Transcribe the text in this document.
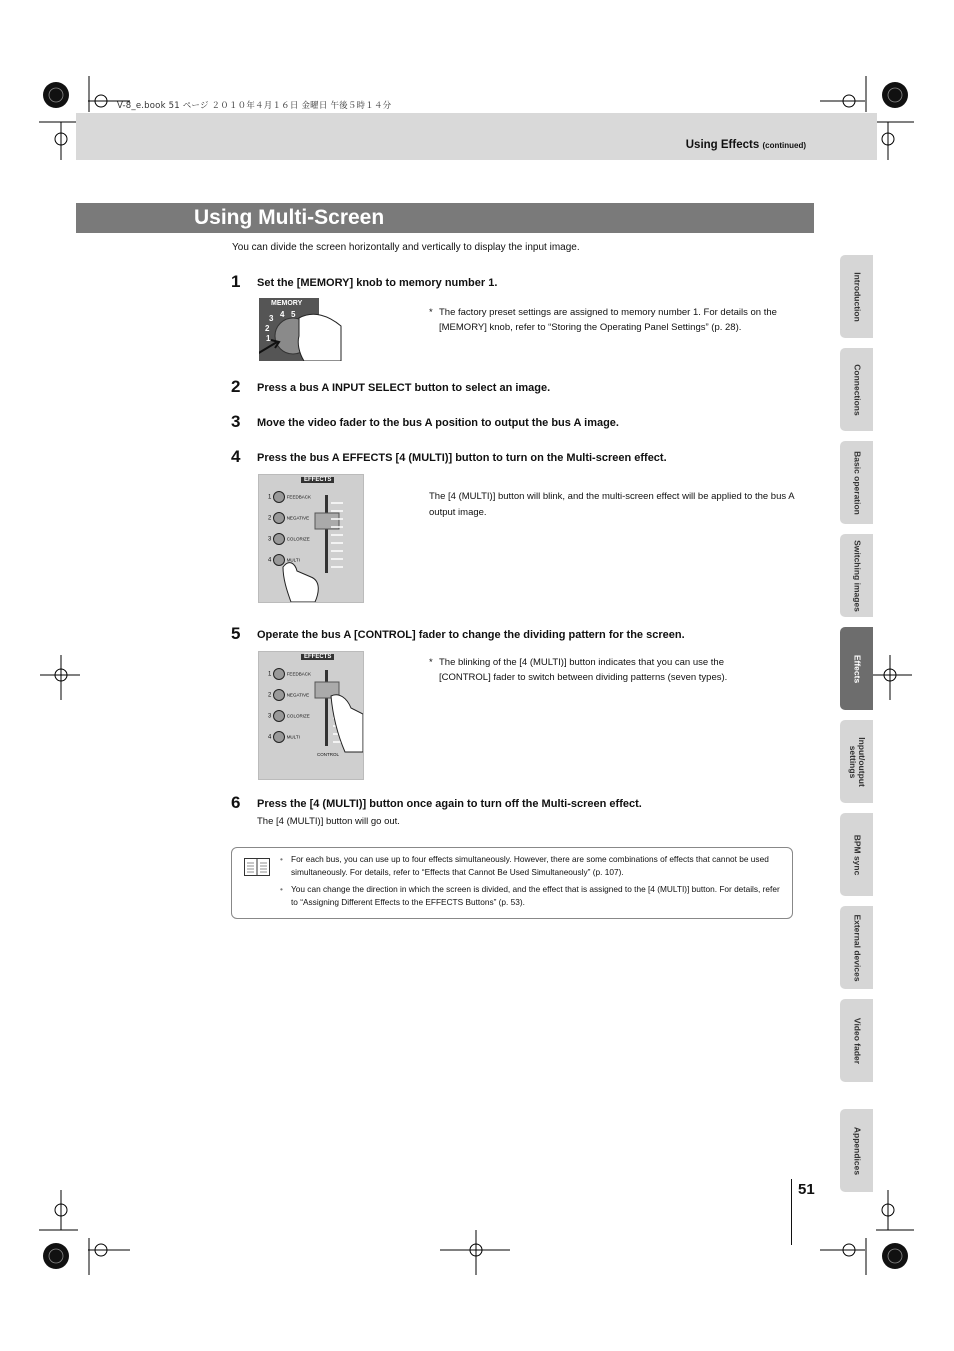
V-8_e.book 51 ページ ２０１０年４月１６日 金曜日 午後５時１４分
Using Effects (continued)
Using Multi-Screen
You can divide the screen horizontally and vertically to display the input image.
1 Set the [MEMORY] knob to memory number 1.
MEMORY
1
2
3 4 5	* The factory preset settings are assigned to memory number 1. For details on the [MEMORY] knob, refer to “Storing the Operating Panel Settings” (p. 28).
2 Press a bus A INPUT SELECT button to select an image.
3 Move the video fader to the bus A position to output the bus A image.
4 Press the bus A EFFECTS [4 (MULTI)] button to turn on the Multi-screen effect.
EFFECTS
1	FEEDBACK
2	NEGATIVE
3	COLORIZE
4	MULTI
The [4 (MULTI)] button will blink, and the multi-screen effect will be applied to the bus A output image.
5 Operate the bus A [CONTROL] fader to change the dividing pattern for the screen.
EFFECTS
1	FEEDBACK
2	NEGATIVE
3	COLORIZE
4	MULTI
CONTROL
* The blinking of the [4 (MULTI)] button indicates that you can use the [CONTROL] fader to switch between dividing patterns (seven types).
6 Press the [4 (MULTI)] button once again to turn off the Multi-screen effect.
The [4 (MULTI)] button will go out.
• For each bus, you can use up to four effects simultaneously. However, there are some combinations of effects that cannot be used simultaneously. For details, refer to “Effects that Cannot Be Used Simultaneously” (p. 107).
• You can change the direction in which the screen is divided, and the effect that is assigned to the [4 (MULTI)] button. For details, refer to “Assigning Different Effects to the EFFECTS Buttons” (p. 53).
Introduction
Connections
Basic operation
Switching images
Effects
Input/output settings
BPM sync
External devices
Video fader
Appendices
51
